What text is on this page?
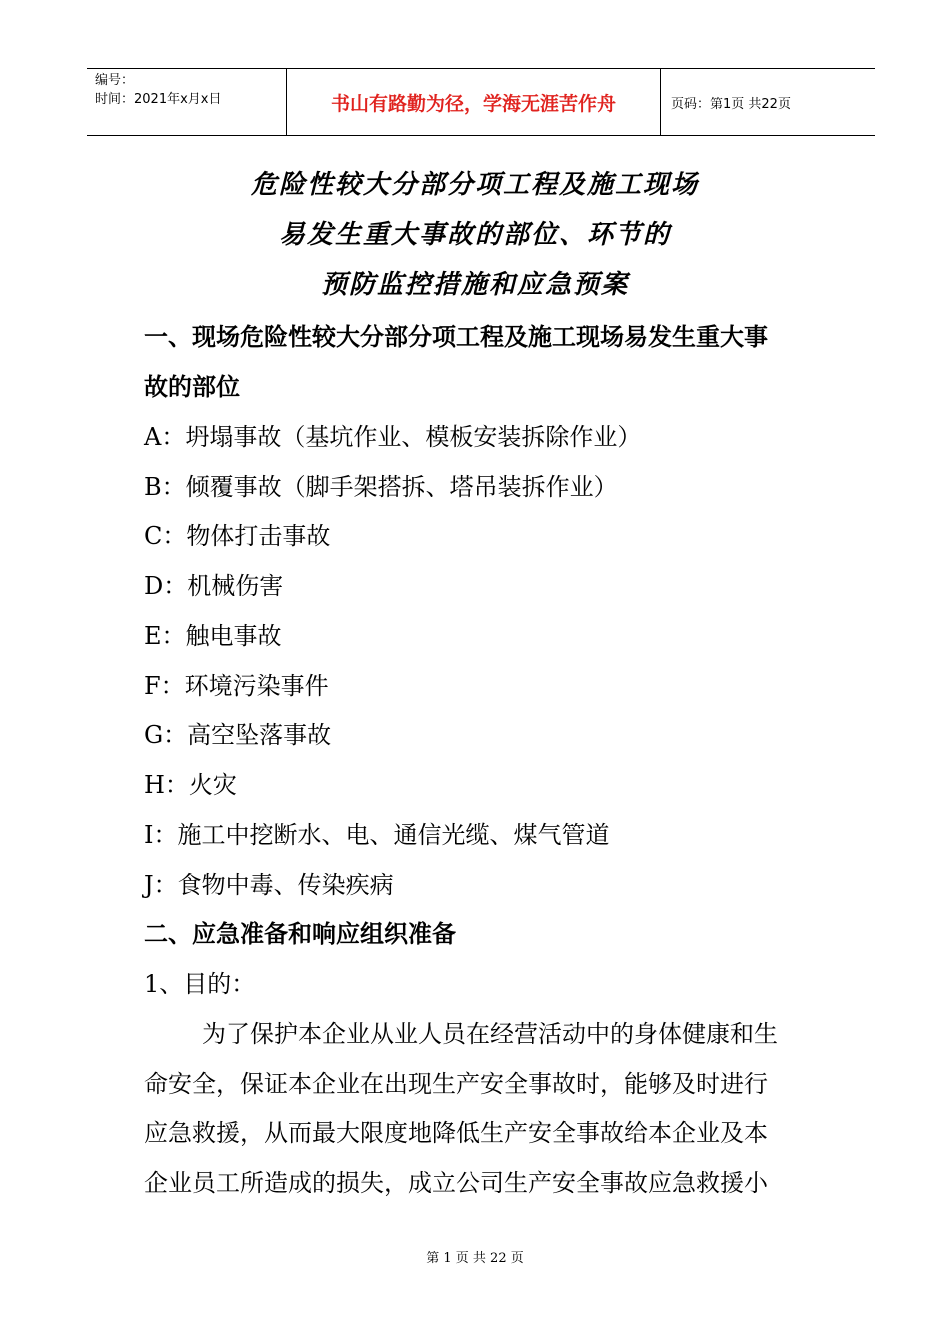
编号：
时间：2021年x月x日	书山有路勤为径，学海无涯苦作舟	页码：第1页 共22页
危险性较大分部分项工程及施工现场
易发生重大事故的部位、环节的
预防监控措施和应急预案
一、现场危险性较大分部分项工程及施工现场易发生重大事
故的部位
A：坍塌事故（基坑作业、模板安装拆除作业）
B：倾覆事故（脚手架搭拆、塔吊装拆作业）
C：物体打击事故
D：机械伤害
E：触电事故
F：环境污染事件
G：高空坠落事故
H：火灾
I：施工中挖断水、电、通信光缆、煤气管道
J：食物中毒、传染疾病
二、应急准备和响应组织准备
1、目的：
为了保护本企业从业人员在经营活动中的身体健康和生
命安全，保证本企业在出现生产安全事故时，能够及时进行
应急救援，从而最大限度地降低生产安全事故给本企业及本
企业员工所造成的损失，成立公司生产安全事故应急救援小
第 1 页 共 22 页
